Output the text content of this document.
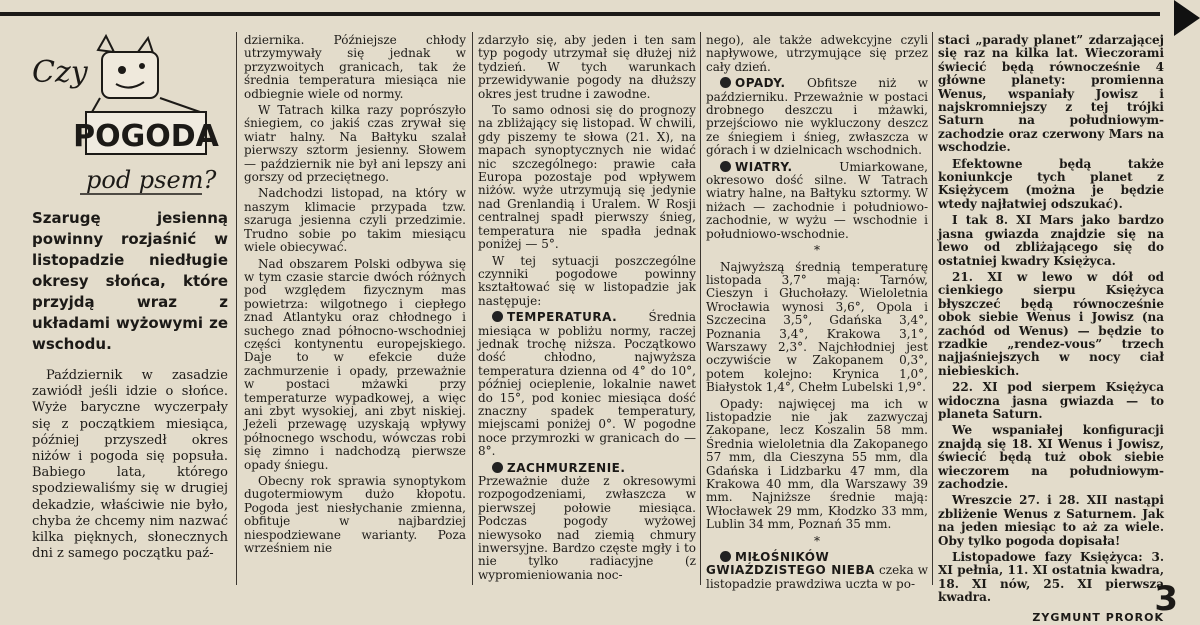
Czy
POGODA
pod psem?
Szarugę jesienną powinny rozjaśnić w listopadzie niedługie okresy słońca, które przyjdą wraz z układami wyżowymi ze wschodu.

Październik w zasadzie zawiódł jeśli idzie o słońce. Wyże baryczne wyczerpały się z początkiem miesiąca, później przyszedł okres niżów i pogoda się popsuła. Babiego lata, którego spodziewaliśmy się w drugiej dekadzie, właściwie nie było, chyba że chcemy nim nazwać kilka pięknych, słonecznych dni z samego początku paź-

dziernika. Późniejsze chłody utrzymywały się jednak w przyzwoitych granicach, tak że średnia temperatura miesiąca nie odbiegnie wiele od normy.

W Tatrach kilka razy poprószyło śniegiem, co jakiś czas zrywał się wiatr halny. Na Bałtyku szalał pierwszy sztorm jesienny. Słowem — październik nie był ani lepszy ani gorszy od przeciętnego.

Nadchodzi listopad, na który w naszym klimacie przypada tzw. szaruga jesienna czyli przedzimie. Trudno sobie po takim miesiącu wiele obiecywać.

Nad obszarem Polski odbywa się w tym czasie starcie dwóch różnych pod względem fizycznym mas powietrza: wilgotnego i ciepłego znad Atlantyku oraz chłodnego i suchego znad północno-wschodniej części kontynentu europejskiego. Daje to w efekcie duże zachmurzenie i opady, przeważnie w postaci mżawki przy temperaturze wypadkowej, a więc ani zbyt wysokiej, ani zbyt niskiej. Jeżeli przewagę uzyskają wpływy północnego wschodu, wówczas robi się zimno i nadchodzą pierwsze opady śniegu.

Obecny rok sprawia synoptykom dugotermiowym dużo kłopotu. Pogoda jest niesłychanie zmienna, obfituje w najbardziej niespodziewane warianty. Poza wrześniem nie

zdarzyło się, aby jeden i ten sam typ pogody utrzymał się dłużej niż tydzień. W tych warunkach przewidywanie pogody na dłuższy okres jest trudne i zawodne.

To samo odnosi się do prognozy na zbliżający się listopad. W chwili, gdy piszemy te słowa (21. X), na mapach synoptycznych nie widać nic szczególnego: prawie cała Europa pozostaje pod wpływem niżów. wyże utrzymują się jedynie nad Grenlandią i Uralem. W Rosji centralnej spadł pierwszy śnieg, temperatura nie spadła jednak poniżej — 5°.

W tej sytuacji poszczególne czynniki pogodowe powinny kształtować się w listopadzie jak następuje:

TEMPERATURA.	Średnia miesiąca w pobliżu normy, raczej jednak trochę niższa. Początkowo dość chłodno, najwyższa temperatura dzienna od 4° do 10°, później ocieplenie, lokalnie nawet do 15°, pod koniec miesiąca dość znaczny spadek temperatury, miejscami poniżej 0°. W pogodne noce przymrozki w granicach do — 8°.

ZACHMURZENIE. Przeważnie duże z okresowymi rozpogodzeniami, zwłaszcza w pierwszej połowie miesiąca. Podczas pogody wyżowej niewysoko nad ziemią chmury inwersyjne. Bardzo częste mgły i to nie tylko radiacyjne (z wypromieniowania noc-

nego), ale także adwekcyjne czyli napływowe, utrzymujące się przez cały dzień.

OPADY. Obfitsze niż w październiku. Przeważnie w postaci drobnego deszczu i mżawki, przejściowo nie wykluczony deszcz ze śniegiem i śnieg, zwłaszcza w górach i w dzielnicach wschodnich.

WIATRY.	Umiarkowane, okresowo dość silne. W Tatrach wiatry halne, na Bałtyku sztormy. W niżach — zachodnie i południowo-zachodnie, w wyżu — wschodnie i południowo-wschodnie.

*

Najwyższą średnią temperaturę listopada 3,7° mają: Tarnów, Cieszyn i Głuchołazy. Wieloletnia Wrocławia wynosi 3,6°, Opola i Szczecina 3,5°, Gdańska 3,4°, Poznania 3,4°, Krakowa 3,1°, Warszawy 2,3°. Najchłodniej jest oczywiście w Zakopanem 0,3°, potem kolejno: Krynica 1,0°, Białystok 1,4°, Chełm Lubelski 1,9°.

Opady: najwięcej ma ich w listopadzie nie jak zazwyczaj Zakopane, lecz Koszalin 58 mm. Średnia wieloletnia dla Zakopanego 57 mm, dla Cieszyna 55 mm, dla Gdańska i Lidzbarku 47 mm, dla Krakowa 40 mm, dla Warszawy 39 mm. Najniższe średnie mają: Włocławek 29 mm, Kłodzko 33 mm, Lublin 34 mm, Poznań 35 mm.

*

MIŁOŚNIKÓW GWIAŹDZISTEGO NIEBA czeka w listopadzie prawdziwa uczta w po-

staci „parady planet” zdarzającej się raz na kilka lat. Wieczorami świecić będą równocześnie 4 główne planety: promienna Wenus, wspaniały Jowisz i najskromniejszy z tej trójki Saturn na południowym-zachodzie oraz czerwony Mars na wschodzie.

Efektowne będą także koniunkcje tych planet z Księżycem (można je będzie wtedy najłatwiej odszukać).

I tak 8. XI Mars jako bardzo jasna gwiazda znajdzie się na lewo od zbliżającego się do ostatniej kwadry Księżyca.

21. XI w lewo w dół od cienkiego sierpu Księżyca błyszczeć będą równocześnie obok siebie Wenus i Jowisz (na zachód od Wenus) — będzie to rzadkie „rendez-vous” trzech najjaśniejszych w nocy ciał niebieskich.

22. XI pod sierpem Księżyca widoczna jasna gwiazda — to planeta Saturn.

We wspaniałej konfiguracji znajdą się 18. XI Wenus i Jowisz, świecić będą tuż obok siebie wieczorem na południowym-zachodzie.

Wreszcie 27. i 28. XII nastąpi zbliżenie Wenus z Saturnem. Jak na jeden miesiąc to aż za wiele. Oby tylko pogoda dopisała!

Listopadowe fazy Księżyca: 3. XI pełnia, 11. XI ostatnia kwadra, 18. XI nów, 25. XI pierwsza kwadra.

ZYGMUNT PROROK
3
